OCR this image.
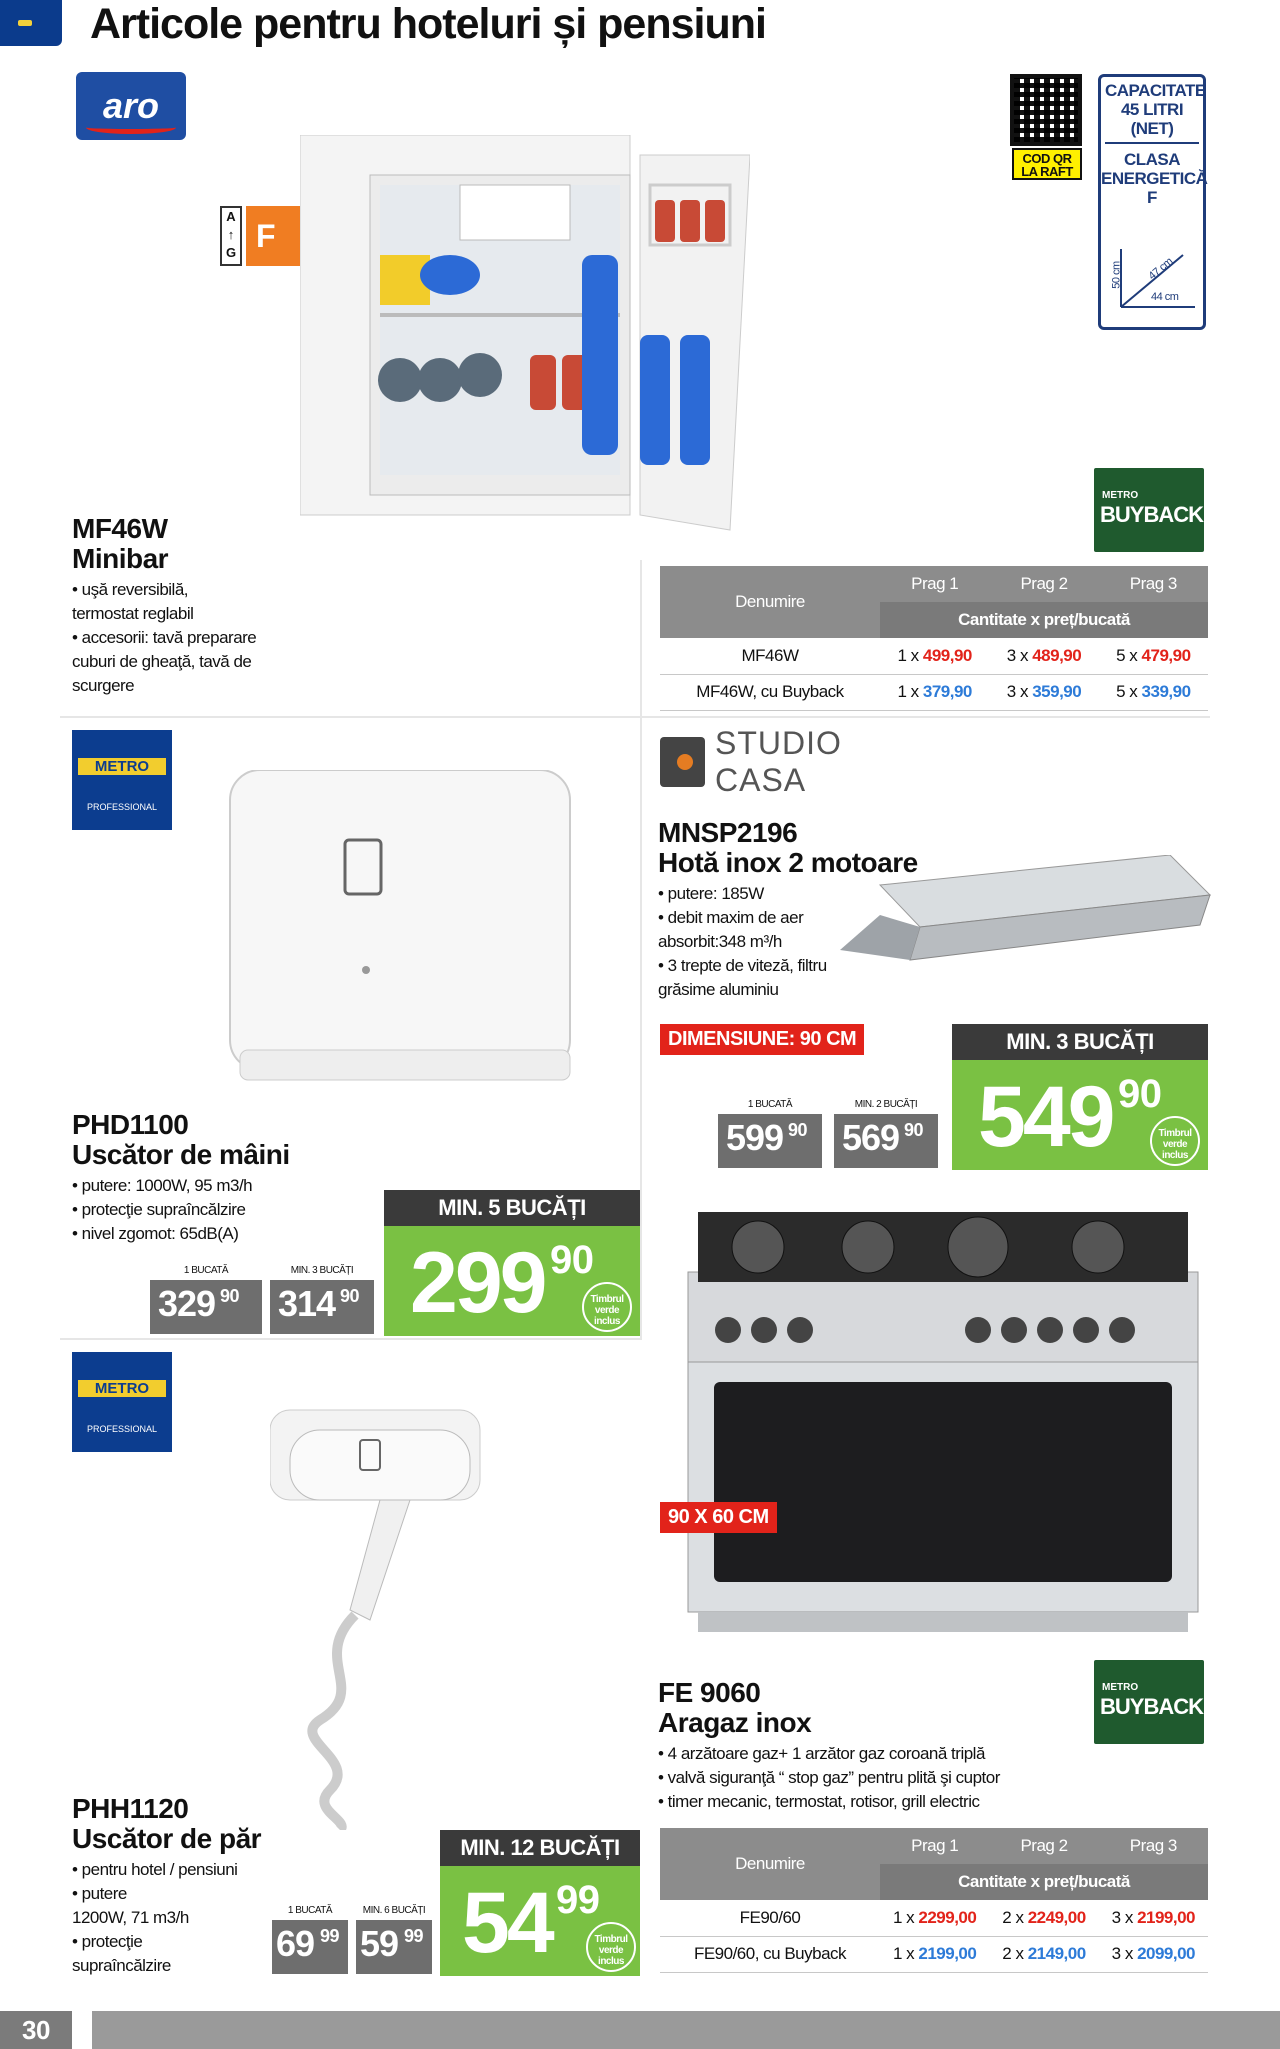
Articole pentru hoteluri și pensiuni
aro
A
↑
G F
COD QR LA RAFT
CAPACITATE 45 LITRI (NET)
CLASA ENERGETICĂ F
50 cm 47 cm
44 cm
METRO
BUYBACK
MF46W
Minibar
• uşă reversibilă,
termostat reglabil
• accesorii: tavă preparare
cuburi de gheaţă, tavă de
scurgere
Denumire	Prag 1	Prag 2	Prag 3
	Cantitate x preț/bucată		
MF46W	1 x 499,90	3 x 489,90	5 x 479,90
MF46W, cu Buyback	1 x 379,90	3 x 359,90	5 x 339,90
METRO
PROFESSIONAL
PHD1100
Uscător de mâini
• putere: 1000W, 95 m3/h
• protecţie supraîncălzire
• nivel zgomot: 65dB(A)
1 BUCATĂ
329 90
MIN. 3 BUCĂȚI
314 90
MIN. 5 BUCĂȚI
299 90
Timbrul verde inclus
STUDIO CASA
MNSP2196
Hotă inox 2 motoare
• putere: 185W
• debit maxim de aer
absorbit:348 m³/h
• 3 trepte de viteză, filtru
grăsime aluminiu
DIMENSIUNE: 90 CM
1 BUCATĂ
599 90
MIN. 2 BUCĂȚI
569 90
MIN. 3 BUCĂȚI
549 90
Timbrul verde inclus
90 X 60 CM
METRO
BUYBACK
FE 9060
Aragaz inox
• 4 arzătoare gaz+ 1 arzător gaz coroană triplă
• valvă siguranţă “ stop gaz” pentru plită şi cuptor
• timer mecanic, termostat, rotisor, grill electric
Denumire	Prag 1	Prag 2	Prag 3
	Cantitate x preț/bucată		
FE90/60	1 x 2299,00	2 x 2249,00	3 x 2199,00
FE90/60, cu Buyback	1 x 2199,00	2 x 2149,00	3 x 2099,00
METRO
PROFESSIONAL
PHH1120
Uscător de păr
• pentru hotel / pensiuni
• putere
1200W, 71 m3/h
• protecţie
supraîncălzire
1 BUCATĂ
69 99
MIN. 6 BUCĂȚI
59 99
MIN. 12 BUCĂȚI
54 99
Timbrul verde inclus
30
